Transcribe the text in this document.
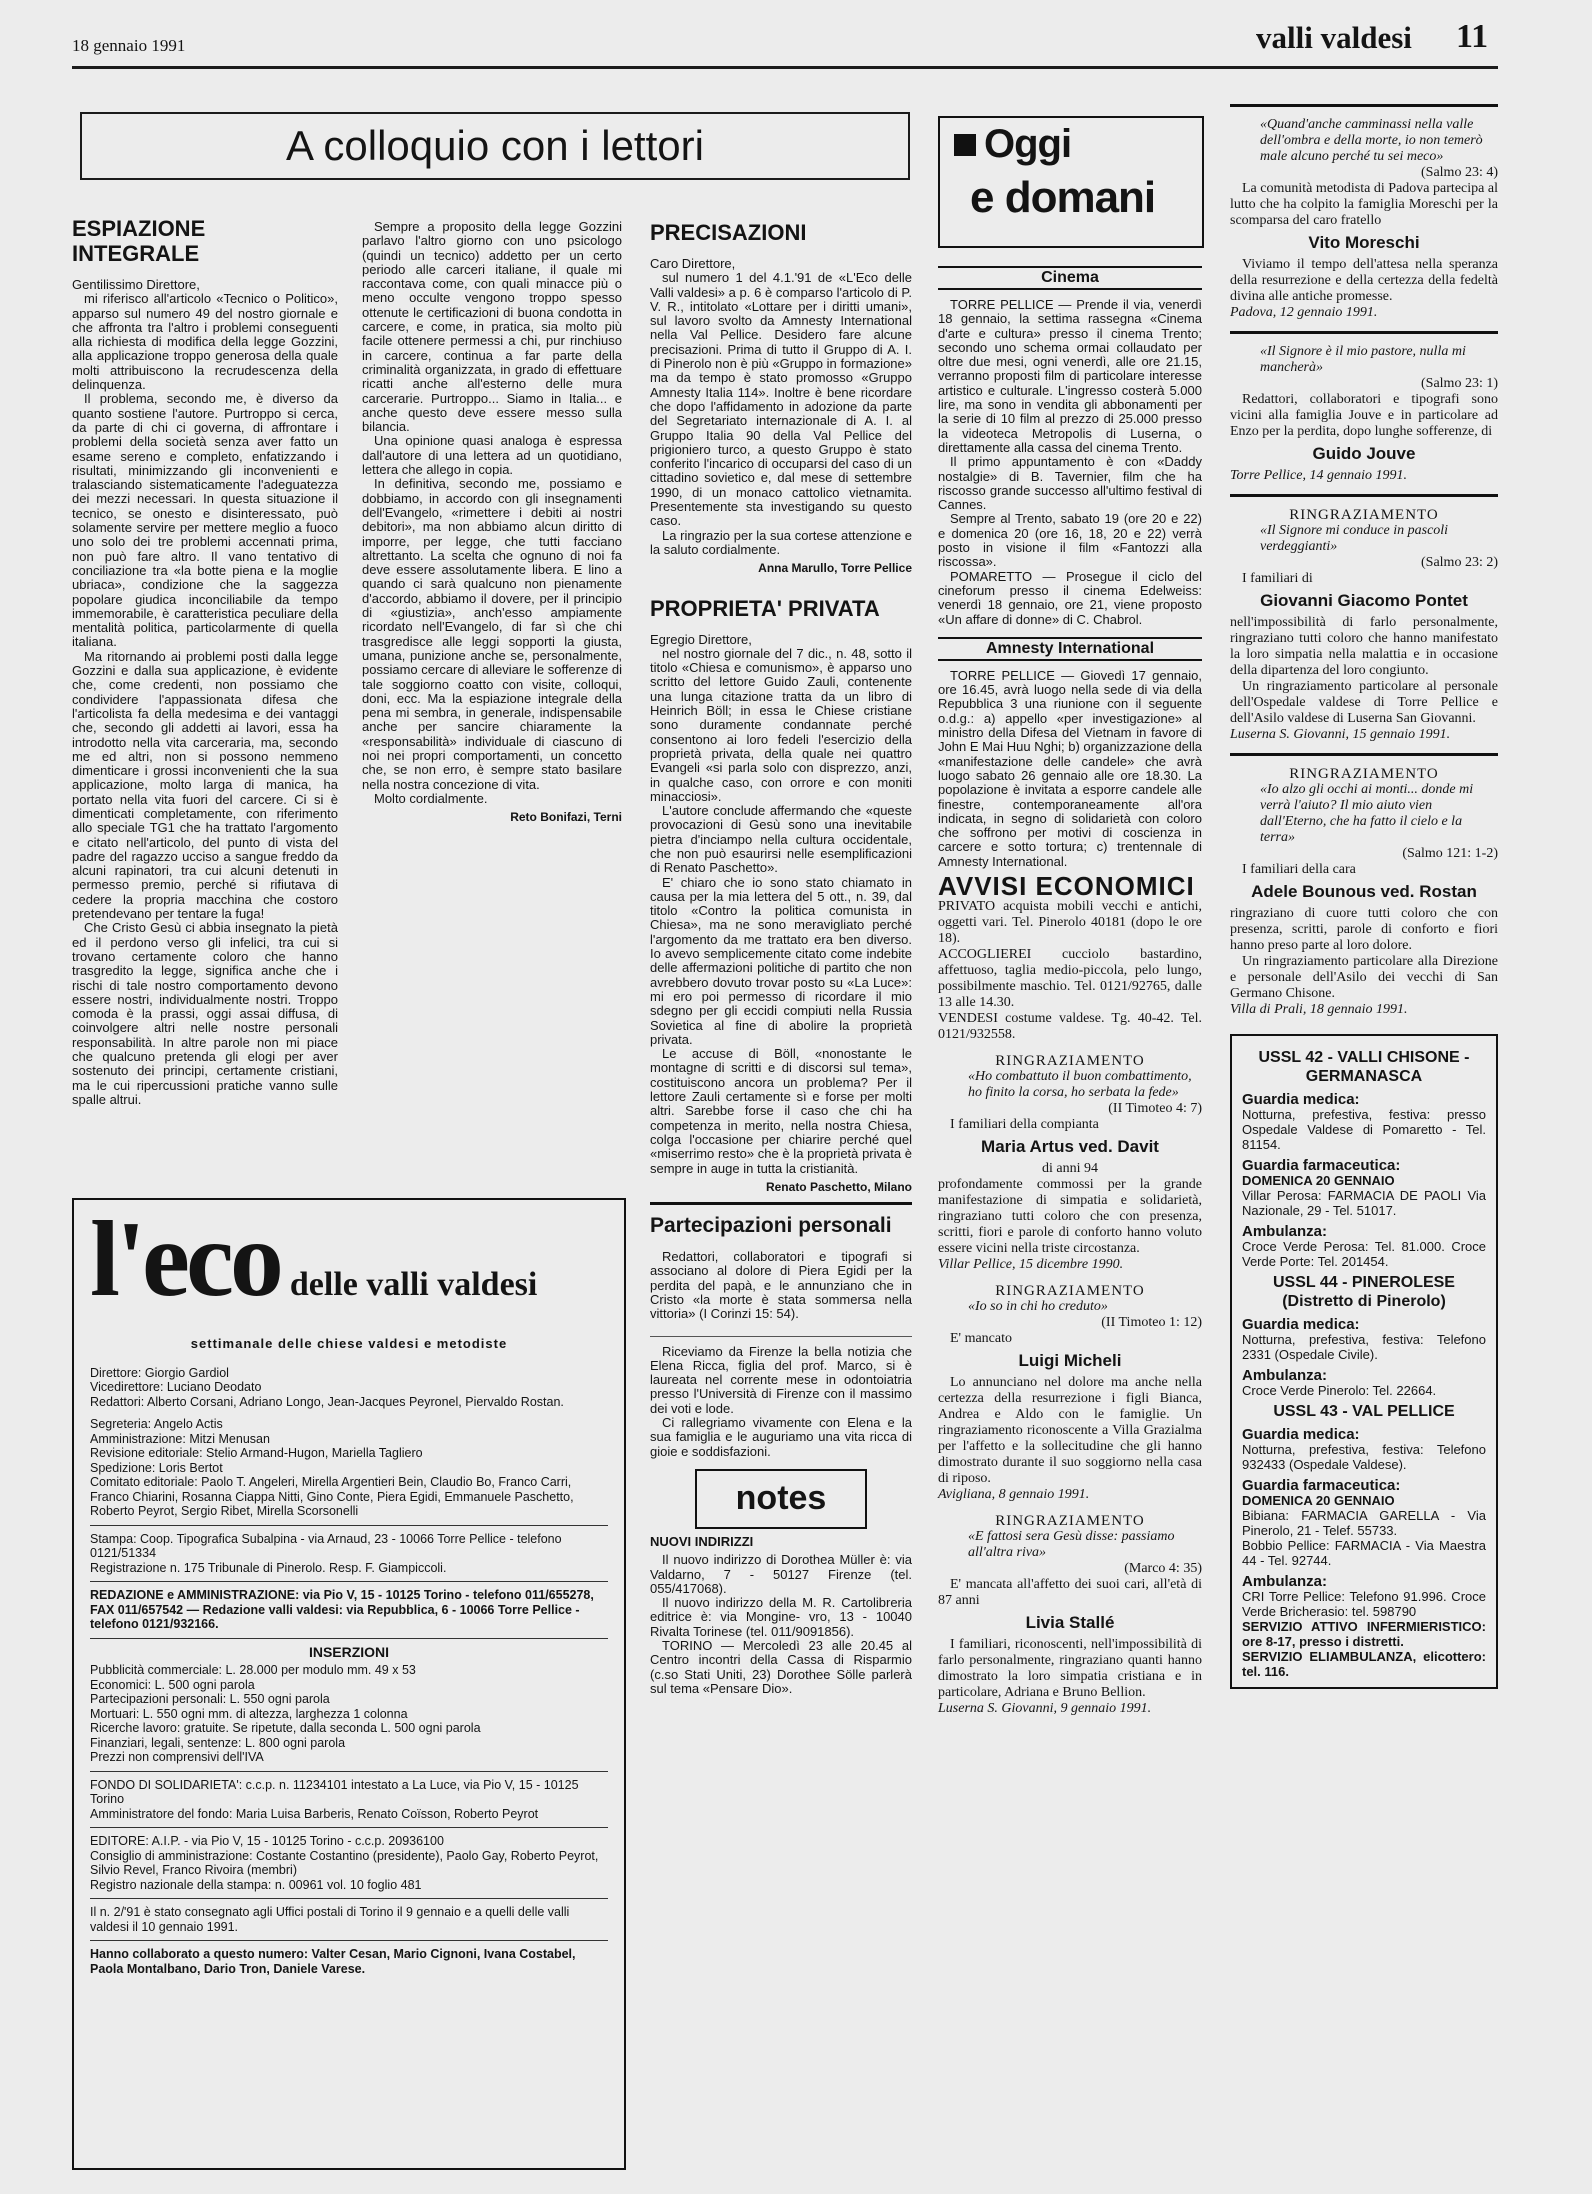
18 gennaio 1991	valli valdesi 11
A colloquio con i lettori
ESPIAZIONE INTEGRALE

Gentilissimo Direttore,

mi riferisco all'articolo «Tecnico o Politico», apparso sul numero 49 del nostro giornale e che affronta tra l'altro i problemi conseguenti alla richiesta di modifica della legge Gozzini, alla applicazione troppo generosa della quale molti attribuiscono la recrudescenza della delinquenza.

Il problema, secondo me, è diverso da quanto sostiene l'autore. Purtroppo si cerca, da parte di chi ci governa, di affrontare i problemi della società senza aver fatto un esame sereno e completo, enfatizzando i risultati, minimizzando gli inconvenienti e tralasciando sistematicamente l'adeguatezza dei mezzi necessari. In questa situazione il tecnico, se onesto e disinteressato, può solamente servire per mettere meglio a fuoco uno solo dei tre problemi accennati prima, non può fare altro. Il vano tentativo di conciliazione tra «la botte piena e la moglie ubriaca», condizione che la saggezza popolare giudica inconciliabile da tempo immemorabile, è caratteristica peculiare della mentalità politica, particolarmente di quella italiana.

Ma ritornando ai problemi posti dalla legge Gozzini e dalla sua applicazione, è evidente che, come credenti, non possiamo che condividere l'appassionata difesa che l'articolista fa della medesima e dei vantaggi che, secondo gli addetti ai lavori, essa ha introdotto nella vita carceraria, ma, secondo me ed altri, non si possono nemmeno dimenticare i grossi inconvenienti che la sua applicazione, molto larga di manica, ha portato nella vita fuori del carcere. Ci si è dimenticati completamente, con riferimento allo speciale TG1 che ha trattato l'argomento e citato nell'articolo, del punto di vista del padre del ragazzo ucciso a sangue freddo da alcuni rapinatori, tra cui alcuni detenuti in permesso premio, perché si rifiutava di cedere la propria macchina che costoro pretendevano per tentare la fuga!

Che Cristo Gesù ci abbia insegnato la pietà ed il perdono verso gli infelici, tra cui si trovano certamente coloro che hanno trasgredito la legge, significa anche che i rischi di tale nostro comportamento devono essere nostri, individualmente nostri. Troppo comoda è la prassi, oggi assai diffusa, di coinvolgere altri nelle nostre personali responsabilità. In altre parole non mi piace che qualcuno pretenda gli elogi per aver sostenuto dei principi, certamente cristiani, ma le cui ripercussioni pratiche vanno sulle spalle altrui.

Sempre a proposito della legge Gozzini parlavo l'altro giorno con uno psicologo (quindi un tecnico) addetto per un certo periodo alle carceri italiane, il quale mi raccontava come, con quali minacce più o meno occulte vengono troppo spesso ottenute le certificazioni di buona condotta in carcere, e come, in pratica, sia molto più facile ottenere permessi a chi, pur rinchiuso in carcere, continua a far parte della criminalità organizzata, in grado di effettuare ricatti anche all'esterno delle mura carcerarie. Purtroppo... Siamo in Italia... e anche questo deve essere messo sulla bilancia.

Una opinione quasi analoga è espressa dall'autore di una lettera ad un quotidiano, lettera che allego in copia.

In definitiva, secondo me, possiamo e dobbiamo, in accordo con gli insegnamenti dell'Evangelo, «rimettere i debiti ai nostri debitori», ma non abbiamo alcun diritto di imporre, per legge, che tutti facciano altrettanto. La scelta che ognuno di noi fa deve essere assolutamente libera. E lino a quando ci sarà qualcuno non pienamente d'accordo, abbiamo il dovere, per il principio di «giustizia», anch'esso ampiamente ricordato nell'Evangelo, di far sì che chi trasgredisce alle leggi sopporti la giusta, umana, punizione anche se, personalmente, possiamo cercare di alleviare le sofferenze di tale soggiorno coatto con visite, colloqui, doni, ecc. Ma la espiazione integrale della pena mi sembra, in generale, indispensabile anche per sancire chiaramente la «responsabilità» individuale di ciascuno di noi nei propri comportamenti, un concetto che, se non erro, è sempre stato basilare nella nostra concezione di vita.

Molto cordialmente.

Reto Bonifazi, Terni
l'eco delle valli valdesi
settimanale delle chiese valdesi e metodiste
Direttore: Giorgio Gardiol
Vicedirettore: Luciano Deodato
Redattori: Alberto Corsani, Adriano Longo, Jean-Jacques Peyronel, Piervaldo Rostan.
Segreteria: Angelo Actis
Amministrazione: Mitzi Menusan
Revisione editoriale: Stelio Armand-Hugon, Mariella Tagliero
Spedizione: Loris Bertot
Comitato editoriale: Paolo T. Angeleri, Mirella Argentieri Bein, Claudio Bo, Franco Carri, Franco Chiarini, Rosanna Ciappa Nitti, Gino Conte, Piera Egidi, Emmanuele Paschetto, Roberto Peyrot, Sergio Ribet, Mirella Scorsonelli
Stampa: Coop. Tipografica Subalpina - via Arnaud, 23 - 10066 Torre Pellice - telefono 0121/51334
Registrazione n. 175 Tribunale di Pinerolo. Resp. F. Giampiccoli.
REDAZIONE e AMMINISTRAZIONE: via Pio V, 15 - 10125 Torino - telefono 011/655278, FAX 011/657542 — Redazione valli valdesi: via Repubblica, 6 - 10066 Torre Pellice - telefono 0121/932166.
INSERZIONI
Pubblicità commerciale: L. 28.000 per modulo mm. 49 x 53
Economici: L. 500 ogni parola
Partecipazioni personali: L. 550 ogni parola
Mortuari: L. 550 ogni mm. di altezza, larghezza 1 colonna
Ricerche lavoro: gratuite. Se ripetute, dalla seconda L. 500 ogni parola
Finanziari, legali, sentenze: L. 800 ogni parola
Prezzi non comprensivi dell'IVA
FONDO DI SOLIDARIETA': c.c.p. n. 11234101 intestato a La Luce, via Pio V, 15 - 10125 Torino
Amministratore del fondo: Maria Luisa Barberis, Renato Coïsson, Roberto Peyrot
EDITORE: A.I.P. - via Pio V, 15 - 10125 Torino - c.c.p. 20936100
Consiglio di amministrazione: Costante Costantino (presidente), Paolo Gay, Roberto Peyrot, Silvio Revel, Franco Rivoira (membri)
Registro nazionale della stampa: n. 00961 vol. 10 foglio 481
Il n. 2/'91 è stato consegnato agli Uffici postali di Torino il 9 gennaio e a quelli delle valli valdesi il 10 gennaio 1991.
Hanno collaborato a questo numero: Valter Cesan, Mario Cignoni, Ivana Costabel, Paola Montalbano, Dario Tron, Daniele Varese.
PRECISAZIONI

Caro Direttore,

sul numero 1 del 4.1.'91 de «L'Eco delle Valli valdesi» a p. 6 è comparso l'articolo di P. V. R., intitolato «Lottare per i diritti umani», sul lavoro svolto da Amnesty International nella Val Pellice. Desidero fare alcune precisazioni. Prima di tutto il Gruppo di A. I. di Pinerolo non è più «Gruppo in formazione» ma da tempo è stato promosso «Gruppo Amnesty Italia 114». Inoltre è bene ricordare che dopo l'affidamento in adozione da parte del Segretariato internazionale di A. I. al Gruppo Italia 90 della Val Pellice del prigioniero turco, a questo Gruppo è stato conferito l'incarico di occuparsi del caso di un cittadino sovietico e, dal mese di settembre 1990, di un monaco cattolico vietnamita. Presentemente sta investigando su questo caso.

La ringrazio per la sua cortese attenzione e la saluto cordialmente.

Anna Marullo, Torre Pellice
PROPRIETA' PRIVATA

Egregio Direttore,

nel nostro giornale del 7 dic., n. 48, sotto il titolo «Chiesa e comunismo», è apparso uno scritto del lettore Guido Zauli, contenente una lunga citazione tratta da un libro di Heinrich Böll; in essa le Chiese cristiane sono duramente condannate perché consentono ai loro fedeli l'esercizio della proprietà privata, della quale nei quattro Evangeli «si parla solo con disprezzo, anzi, in qualche caso, con orrore e con moniti minacciosi».

L'autore conclude affermando che «queste provocazioni di Gesù sono una inevitabile pietra d'inciampo nella cultura occidentale, che non può esaurirsi nelle esemplificazioni di Renato Paschetto».

E' chiaro che io sono stato chiamato in causa per la mia lettera del 5 ott., n. 39, dal titolo «Contro la politica comunista in Chiesa», ma ne sono meravigliato perché l'argomento da me trattato era ben diverso. Io avevo semplicemente citato come indebite delle affermazioni politiche di partito che non avrebbero dovuto trovar posto su «La Luce»: mi ero poi permesso di ricordare il mio sdegno per gli eccidi compiuti nella Russia Sovietica al fine di abolire la proprietà privata.

Le accuse di Böll, «nonostante le montagne di scritti e di discorsi sul tema», costituiscono ancora un problema? Per il lettore Zauli certamente sì e forse per molti altri. Sarebbe forse il caso che chi ha competenza in merito, nella nostra Chiesa, colga l'occasione per chiarire perché quel «miserrimo resto» che è la proprietà privata è sempre in auge in tutta la cristianità.

Renato Paschetto, Milano
Partecipazioni personali

Redattori, collaboratori e tipografi si associano al dolore di Piera Egidi per la perdita del papà, e le annunziano che in Cristo «la morte è stata sommersa nella vittoria» (I Corinzi 15: 54).

Riceviamo da Firenze la bella notizia che Elena Ricca, figlia del prof. Marco, si è laureata nel corrente mese in odontoiatria presso l'Università di Firenze con il massimo dei voti e lode.

Ci rallegriamo vivamente con Elena e la sua famiglia e le auguriamo una vita ricca di gioie e soddisfazioni.

notes
NUOVI INDIRIZZI

Il nuovo indirizzo di Dorothea Müller è: via Valdarno, 7 - 50127 Firenze (tel. 055/417068).

Il nuovo indirizzo della M. R. Cartolibreria editrice è: via Mongine- vro, 13 - 10040 Rivalta Torinese (tel. 011/9091856).

TORINO — Mercoledì 23 alle 20.45 al Centro incontri della Cassa di Risparmio (c.so Stati Uniti, 23) Dorothee Sölle parlerà sul tema «Pensare Dio».

Oggi
e domani
Cinema

TORRE PELLICE — Prende il via, venerdì 18 gennaio, la settima rassegna «Cinema d'arte e cultura» presso il cinema Trento; secondo uno schema ormai collaudato per oltre due mesi, ogni venerdì, alle ore 21.15, verranno proposti film di particolare interesse artistico e culturale. L'ingresso costerà 5.000 lire, ma sono in vendita gli abbonamenti per la serie di 10 film al prezzo di 25.000 presso la videoteca Metropolis di Luserna, o direttamente alla cassa del cinema Trento.

Il primo appuntamento è con «Daddy nostalgie» di B. Tavernier, film che ha riscosso grande successo all'ultimo festival di Cannes.

Sempre al Trento, sabato 19 (ore 20 e 22) e domenica 20 (ore 16, 18, 20 e 22) verrà posto in visione il film «Fantozzi alla riscossa».

POMARETTO — Prosegue il ciclo del cineforum presso il cinema Edelweiss: venerdì 18 gennaio, ore 21, viene proposto «Un affare di donne» di C. Chabrol.

Amnesty International

TORRE PELLICE — Giovedì 17 gennaio, ore 16.45, avrà luogo nella sede di via della Repubblica 3 una riunione con il seguente o.d.g.: a) appello «per investigazione» al ministro della Difesa del Vietnam in favore di John E Mai Huu Nghi; b) organizzazione della «manifestazione delle candele» che avrà luogo sabato 26 gennaio alle ore 18.30. La popolazione è invitata a esporre candele alle finestre, contemporaneamente all'ora indicata, in segno di solidarietà con coloro che soffrono per motivi di coscienza in carcere e sotto tortura; c) trentennale di Amnesty International.

AVVISI ECONOMICI

PRIVATO acquista mobili vecchi e antichi, oggetti vari. Tel. Pinerolo 40181 (dopo le ore 18).

ACCOGLIEREI cucciolo bastardino, affettuoso, taglia medio-piccola, pelo lungo, possibilmente maschio. Tel. 0121/92765, dalle 13 alle 14.30.

VENDESI costume valdese. Tg. 40-42. Tel. 0121/932558.

RINGRAZIAMENTO
«Ho combattuto il buon combattimento, ho finito la corsa, ho serbata la fede»
(II Timoteo 4: 7)

I familiari della compianta

Maria Artus ved. Davit
di anni 94

profondamente commossi per la grande manifestazione di simpatia e solidarietà, ringraziano tutti coloro che con presenza, scritti, fiori e parole di conforto hanno voluto essere vicini nella triste circostanza.

Villar Pellice, 15 dicembre 1990.

RINGRAZIAMENTO
«Io so in chi ho creduto»
(II Timoteo 1: 12)

E' mancato

Luigi Micheli

Lo annunciano nel dolore ma anche nella certezza della resurrezione i figli Bianca, Andrea e Aldo con le famiglie. Un ringraziamento riconoscente a Villa Grazialma per l'affetto e la sollecitudine che gli hanno dimostrato durante il suo soggiorno nella casa di riposo.

Avigliana, 8 gennaio 1991.

RINGRAZIAMENTO
«E fattosi sera Gesù disse: passiamo all'altra riva»
(Marco 4: 35)

E' mancata all'affetto dei suoi cari, all'età di 87 anni

Livia Stallé

I familiari, riconoscenti, nell'impossibilità di farlo personalmente, ringraziano quanti hanno dimostrato la loro simpatia cristiana e in particolare, Adriana e Bruno Bellion.

Luserna S. Giovanni, 9 gennaio 1991.

«Quand'anche camminassi nella valle dell'ombra e della morte, io non temerò male alcuno perché tu sei meco»
(Salmo 23: 4)

La comunità metodista di Padova partecipa al lutto che ha colpito la famiglia Moreschi per la scomparsa del caro fratello

Vito Moreschi

Viviamo il tempo dell'attesa nella speranza della resurrezione e della certezza della fedeltà divina alle antiche promesse.

Padova, 12 gennaio 1991.

«Il Signore è il mio pastore, nulla mi mancherà»
(Salmo 23: 1)

Redattori, collaboratori e tipografi sono vicini alla famiglia Jouve e in particolare ad Enzo per la perdita, dopo lunghe sofferenze, di

Guido Jouve

Torre Pellice, 14 gennaio 1991.

RINGRAZIAMENTO
«Il Signore mi conduce in pascoli verdeggianti»
(Salmo 23: 2)

I familiari di

Giovanni Giacomo Pontet

nell'impossibilità di farlo personalmente, ringraziano tutti coloro che hanno manifestato la loro simpatia nella malattia e in occasione della dipartenza del loro congiunto.

Un ringraziamento particolare al personale dell'Ospedale valdese di Torre Pellice e dell'Asilo valdese di Luserna San Giovanni.

Luserna S. Giovanni, 15 gennaio 1991.

RINGRAZIAMENTO
«Io alzo gli occhi ai monti... donde mi verrà l'aiuto? Il mio aiuto vien dall'Eterno, che ha fatto il cielo e la terra»
(Salmo 121: 1-2)

I familiari della cara

Adele Bounous ved. Rostan

ringraziano di cuore tutti coloro che con presenza, scritti, parole di conforto e fiori hanno preso parte al loro dolore.

Un ringraziamento particolare alla Direzione e personale dell'Asilo dei vecchi di San Germano Chisone.

Villa di Prali, 18 gennaio 1991.

USSL 42 - VALLI CHISONE - GERMANASCA
Guardia medica:
Notturna, prefestiva, festiva: presso Ospedale Valdese di Pomaretto - Tel. 81154.
Guardia farmaceutica:
DOMENICA 20 GENNAIO
Villar Perosa: FARMACIA DE PAOLI Via Nazionale, 29 - Tel. 51017.
Ambulanza:
Croce Verde Perosa: Tel. 81.000. Croce Verde Porte: Tel. 201454.
USSL 44 - PINEROLESE (Distretto di Pinerolo)
Guardia medica:
Notturna, prefestiva, festiva: Telefono 2331 (Ospedale Civile).
Ambulanza:
Croce Verde Pinerolo: Tel. 22664.
USSL 43 - VAL PELLICE
Guardia medica:
Notturna, prefestiva, festiva: Telefono 932433 (Ospedale Valdese).
Guardia farmaceutica:
DOMENICA 20 GENNAIO
Bibiana: FARMACIA GARELLA - Via Pinerolo, 21 - Telef. 55733.
Bobbio Pellice: FARMACIA - Via Maestra 44 - Tel. 92744.
Ambulanza:
CRI Torre Pellice: Telefono 91.996. Croce Verde Bricherasio: tel. 598790
SERVIZIO ATTIVO INFERMIERISTICO: ore 8-17, presso i distretti.
SERVIZIO ELIAMBULANZA, elicottero: tel. 116.
